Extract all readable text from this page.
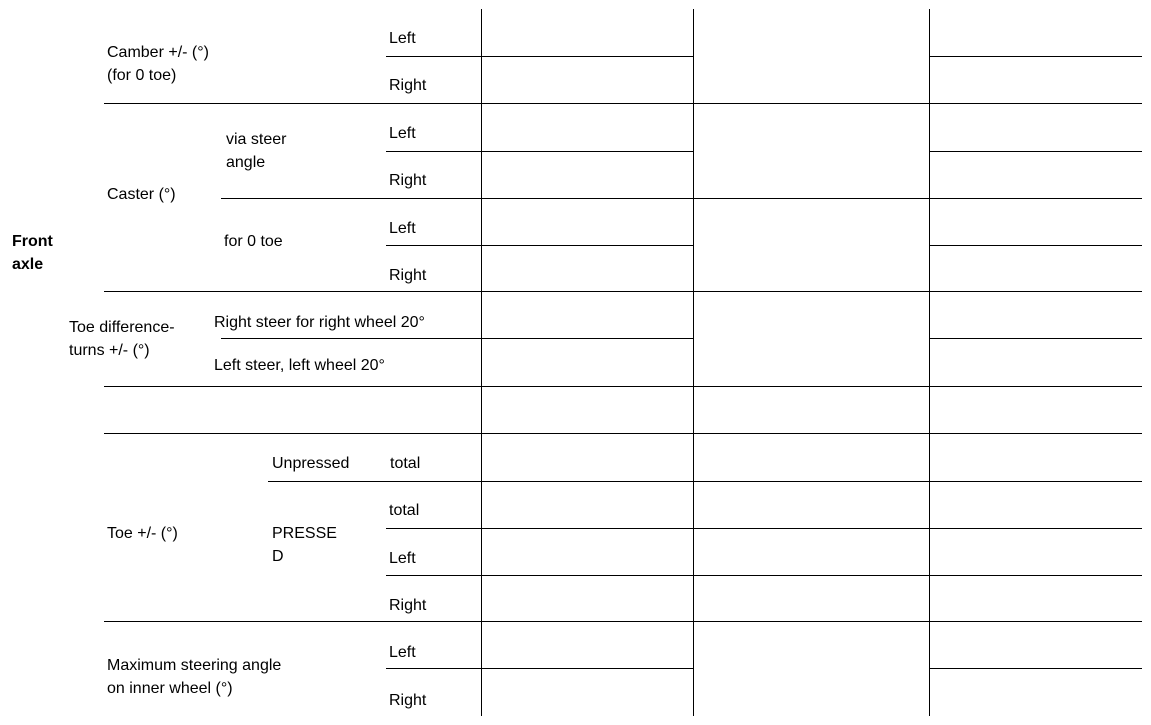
Front
axle
Camber +/- (°)
(for 0 toe)
Left
Right
Caster (°)
via steer
angle
for 0 toe
Left
Right
Left
Right
Toe difference-
turns +/- (°)
Right steer for right wheel 20°
Left steer, left wheel 20°
Toe +/- (°)
Unpressed	total
PRESSE
D
total
Left
Right
Maximum steering angle
on inner wheel (°)
Left
Right
